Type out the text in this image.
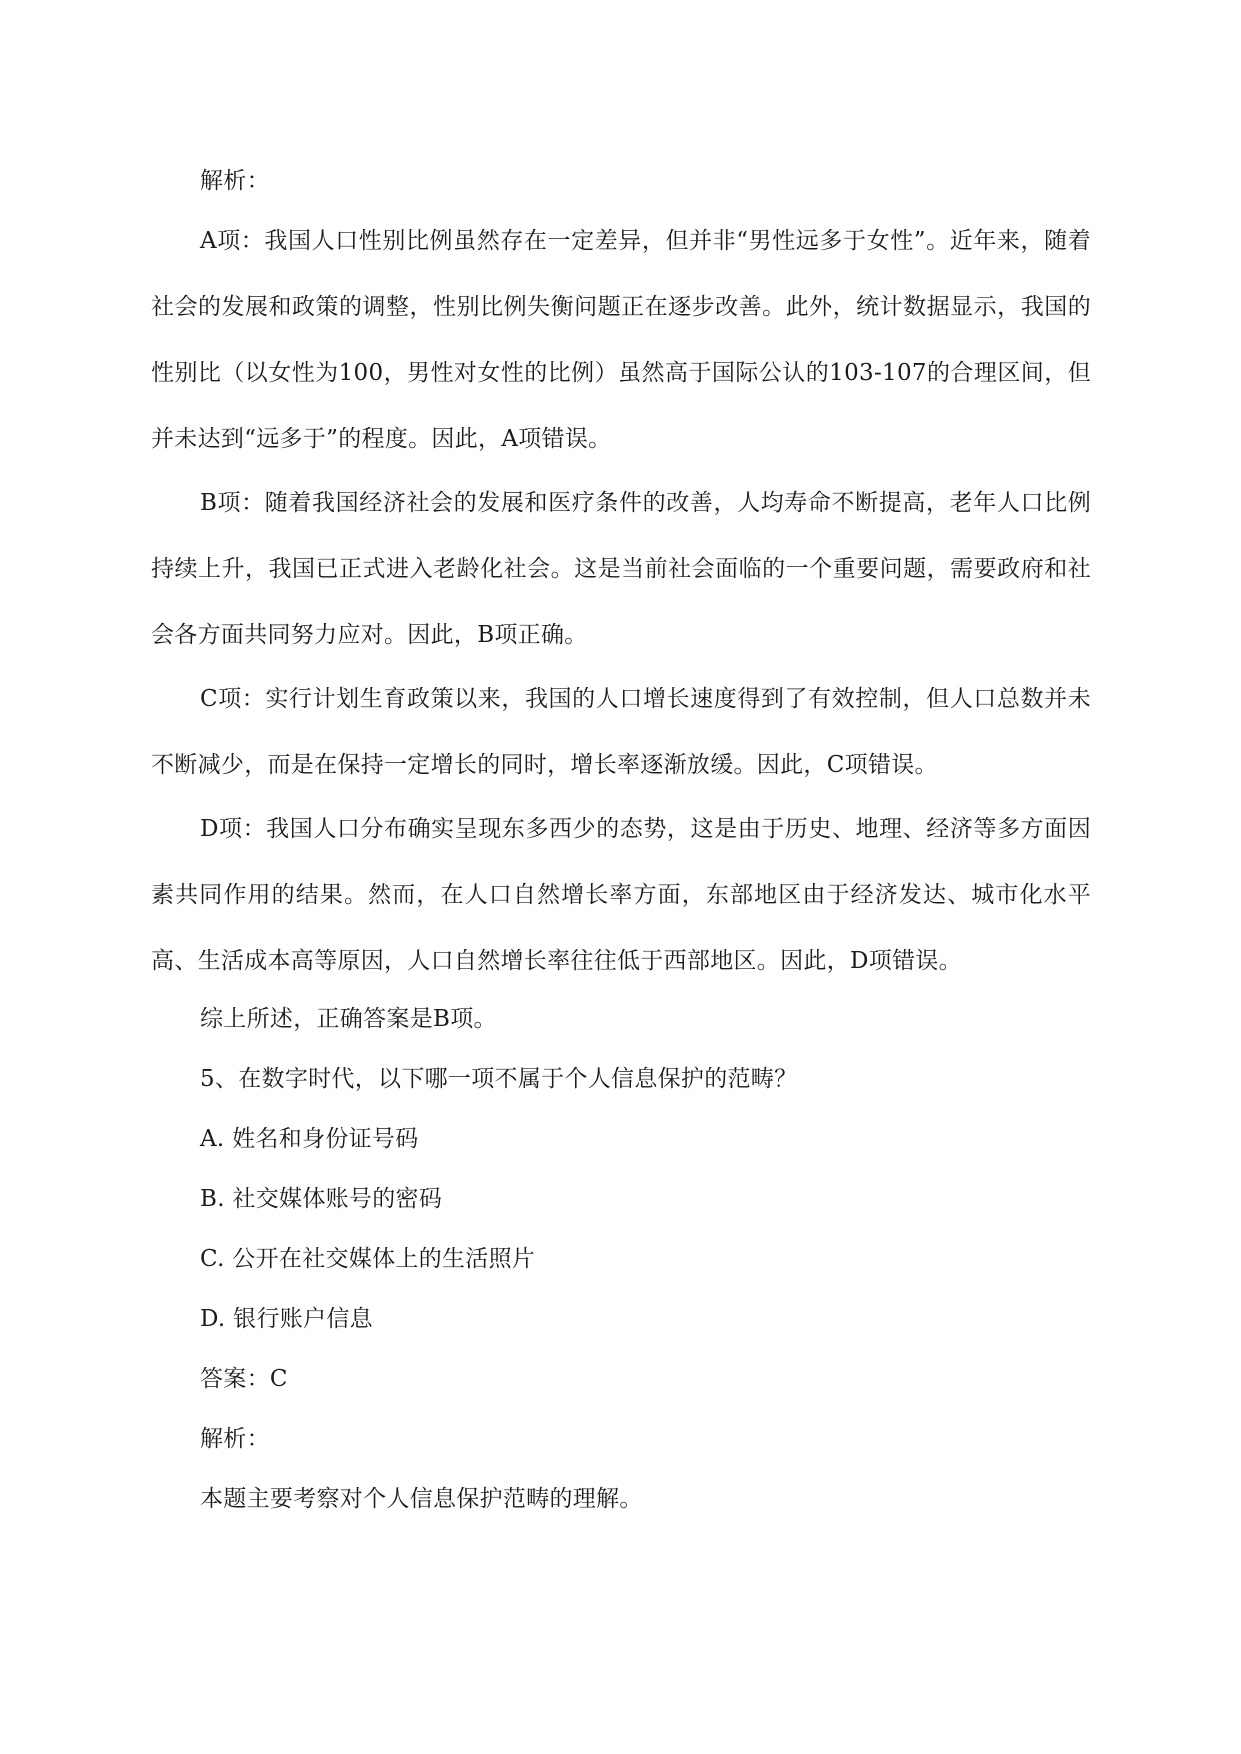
解析：

A项：我国人口性别比例虽然存在一定差异，但并非“男性远多于女性”。近年来，随着社会的发展和政策的调整，性别比例失衡问题正在逐步改善。此外，统计数据显示，我国的性别比（以女性为100，男性对女性的比例）虽然高于国际公认的103-107的合理区间，但并未达到“远多于”的程度。因此，A项错误。

B项：随着我国经济社会的发展和医疗条件的改善，人均寿命不断提高，老年人口比例持续上升，我国已正式进入老龄化社会。这是当前社会面临的一个重要问题，需要政府和社会各方面共同努力应对。因此，B项正确。

C项：实行计划生育政策以来，我国的人口增长速度得到了有效控制，但人口总数并未不断减少，而是在保持一定增长的同时，增长率逐渐放缓。因此，C项错误。

D项：我国人口分布确实呈现东多西少的态势，这是由于历史、地理、经济等多方面因素共同作用的结果。然而，在人口自然增长率方面，东部地区由于经济发达、城市化水平高、生活成本高等原因，人口自然增长率往往低于西部地区。因此，D项错误。

综上所述，正确答案是B项。

5、在数字时代，以下哪一项不属于个人信息保护的范畴？

A. 姓名和身份证号码

B. 社交媒体账号的密码

C. 公开在社交媒体上的生活照片

D. 银行账户信息

答案：C

解析：

本题主要考察对个人信息保护范畴的理解。
